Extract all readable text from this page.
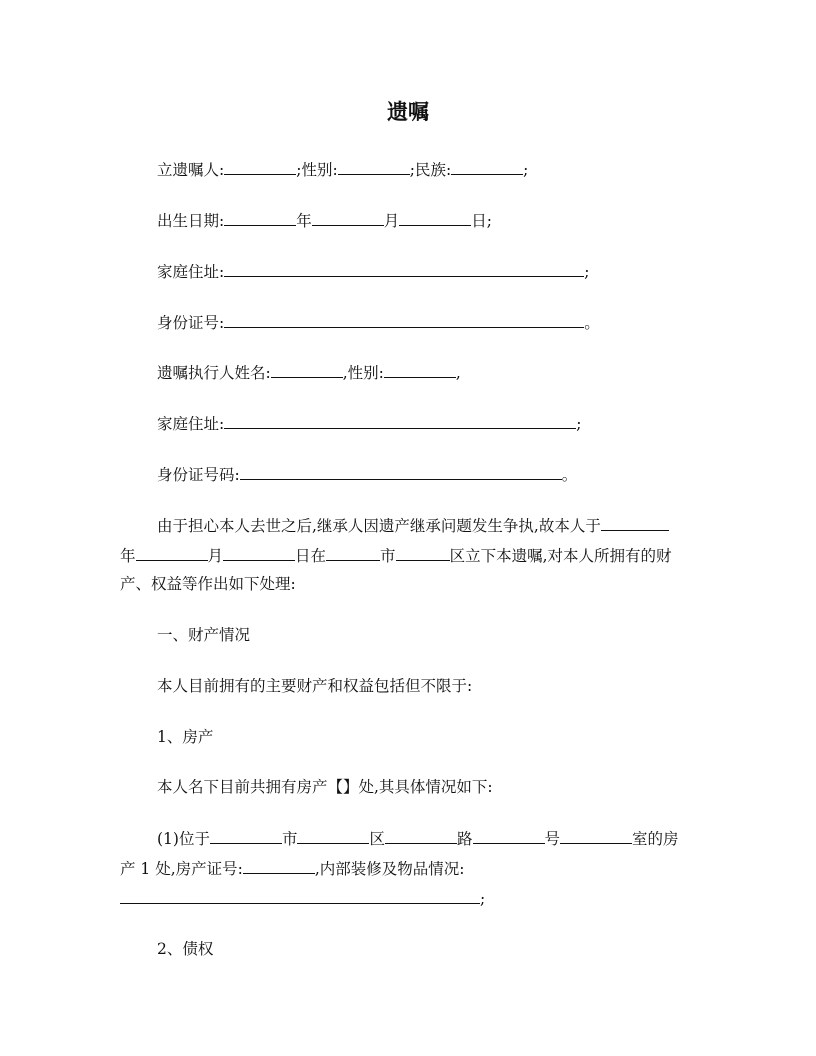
遗嘱
立遗嘱人:	;性别:	;民族:	;
出生日期:	年	月	日;
家庭住址:	;
身份证号:	。
遗嘱执行人姓名:	,性别:	,
家庭住址:	;
身份证号码:	。
由于担心本人去世之后,继承人因遗产继承问题发生争执,故本人于
年	月	日在	市	区立下本遗嘱,对本人所拥有的财
产、权益等作出如下处理:
一、财产情况
本人目前拥有的主要财产和权益包括但不限于:
1、房产
本人名下目前共拥有房产【】处,其具体情况如下:
(1)位于	市	区	路	号	室的房
产 1 处,房产证号:	,内部装修及物品情况:
;
2、债权
